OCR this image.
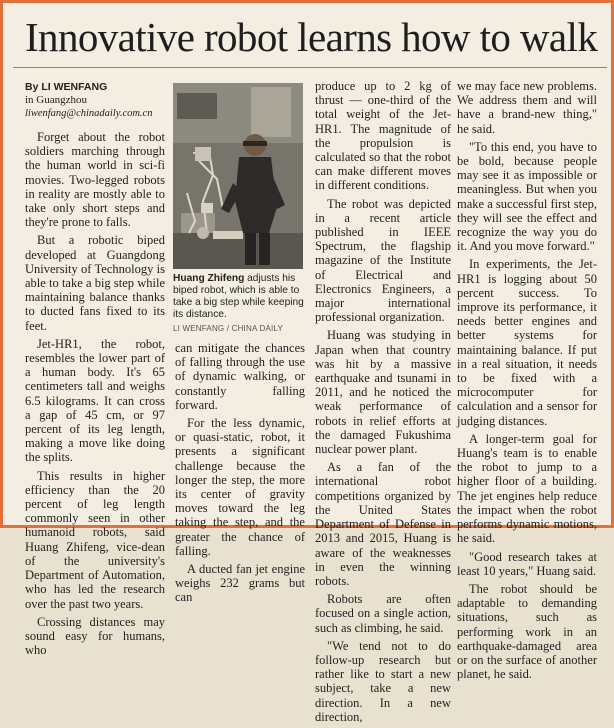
Innovative robot learns how to walk
By LI WENFANG
in Guangzhou
liwenfang@chinadaily.com.cn

Forget about the robot soldiers marching through the human world in sci-fi movies. Two-legged robots in reality are mostly able to take only short steps and they're prone to falls.

But a robotic biped developed at Guangdong University of Technology is able to take a big step while maintaining balance thanks to ducted fans fixed to its feet.

Jet-HR1, the robot, resembles the lower part of a human body. It's 65 centimeters tall and weighs 6.5 kilograms. It can cross a gap of 45 cm, or 97 percent of its leg length, making a move like doing the splits.

This results in higher efficiency than the 20 percent of leg length commonly seen in other humanoid robots, said Huang Zhifeng, vice-dean of the university's Department of Automation, who has led the research over the past two years.

Crossing distances may sound easy for humans, who

Huang Zhifeng adjusts his biped robot, which is able to take a big step while keeping its distance.
LI WENFANG / CHINA DAILY

can mitigate the chances of falling through the use of dynamic walking, or constantly falling forward.

For the less dynamic, or quasi-static, robot, it presents a significant challenge because the longer the step, the more its center of gravity moves toward the leg taking the step, and the greater the chance of falling.

A ducted fan jet engine weighs 232 grams but can

produce up to 2 kg of thrust — one-third of the total weight of the Jet-HR1. The magnitude of the propulsion is calculated so that the robot can make different moves in different conditions.

The robot was depicted in a recent article published in IEEE Spectrum, the flagship magazine of the Institute of Electrical and Electronics Engineers, a major international professional organization.

Huang was studying in Japan when that country was hit by a massive earthquake and tsunami in 2011, and he noticed the weak performance of robots in relief efforts at the damaged Fukushima nuclear power plant.

As a fan of the international robot competitions organized by the United States Department of Defense in 2013 and 2015, Huang is aware of the weaknesses in even the winning robots.

Robots are often focused on a single action, such as climbing, he said.

"We tend not to do follow-up research but rather like to start a new subject, take a new direction. In a new direction,

we may face new problems. We address them and will have a brand-new thing," he said.

"To this end, you have to be bold, because people may see it as impossible or meaningless. But when you make a successful first step, they will see the effect and recognize the way you do it. And you move forward."

In experiments, the Jet-HR1 is logging about 50 percent success. To improve its performance, it needs better engines and better systems for maintaining balance. If put in a real situation, it needs to be fixed with a microcomputer for calculation and a sensor for judging distances.

A longer-term goal for Huang's team is to enable the robot to jump to a higher floor of a building. The jet engines help reduce the impact when the robot performs dynamic motions, he said.

"Good research takes at least 10 years," Huang said.

The robot should be adaptable to demanding situations, such as performing work in an earthquake-damaged area or on the surface of another planet, he said.
